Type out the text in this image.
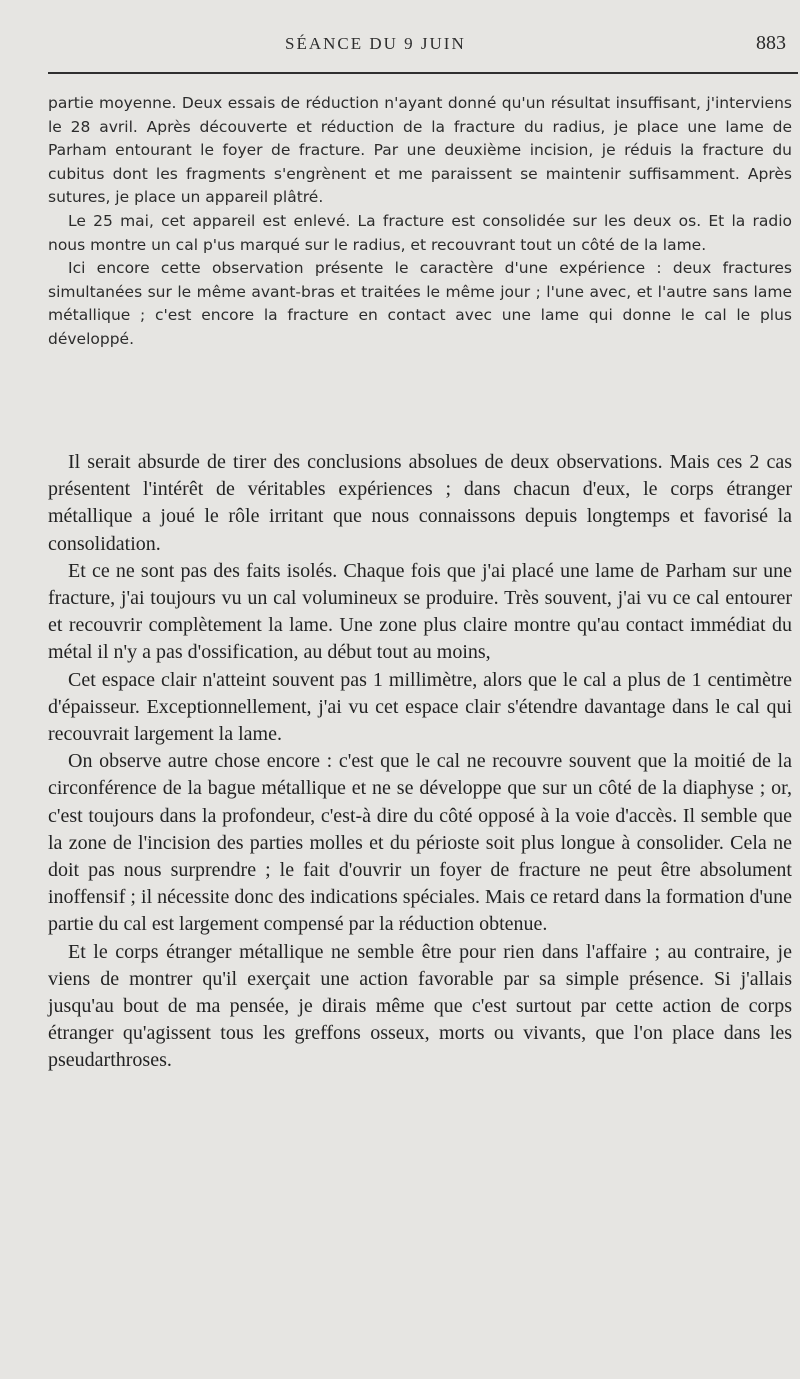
SÉANCE DU 9 JUIN	883

partie moyenne. Deux essais de réduction n'ayant donné qu'un résultat insuffisant, j'interviens le 28 avril. Après découverte et réduction de la fracture du radius, je place une lame de Parham entourant le foyer de fracture. Par une deuxième incision, je réduis la fracture du cubitus dont les fragments s'engrènent et me paraissent se maintenir suffisamment. Après sutures, je place un appareil plâtré.

Le 25 mai, cet appareil est enlevé. La fracture est consolidée sur les deux os. Et la radio nous montre un cal p'us marqué sur le radius, et recouvrant tout un côté de la lame.

Ici encore cette observation présente le caractère d'une expérience : deux fractures simultanées sur le même avant-bras et traitées le même jour ; l'une avec, et l'autre sans lame métallique ; c'est encore la fracture en contact avec une lame qui donne le cal le plus développé.

Il serait absurde de tirer des conclusions absolues de deux observations. Mais ces 2 cas présentent l'intérêt de véritables expériences ; dans chacun d'eux, le corps étranger métallique a joué le rôle irritant que nous connaissons depuis longtemps et favorisé la consolidation.

Et ce ne sont pas des faits isolés. Chaque fois que j'ai placé une lame de Parham sur une fracture, j'ai toujours vu un cal volumineux se produire. Très souvent, j'ai vu ce cal entourer et recouvrir complètement la lame. Une zone plus claire montre qu'au contact immédiat du métal il n'y a pas d'ossification, au début tout au moins,

Cet espace clair n'atteint souvent pas 1 millimètre, alors que le cal a plus de 1 centimètre d'épaisseur. Exceptionnellement, j'ai vu cet espace clair s'étendre davantage dans le cal qui recouvrait largement la lame.

On observe autre chose encore : c'est que le cal ne recouvre souvent que la moitié de la circonférence de la bague métallique et ne se développe que sur un côté de la diaphyse ; or, c'est toujours dans la profondeur, c'est-à dire du côté opposé à la voie d'accès. Il semble que la zone de l'incision des parties molles et du périoste soit plus longue à consolider. Cela ne doit pas nous surprendre ; le fait d'ouvrir un foyer de fracture ne peut être absolument inoffensif ; il nécessite donc des indications spéciales. Mais ce retard dans la formation d'une partie du cal est largement compensé par la réduction obtenue.

Et le corps étranger métallique ne semble être pour rien dans l'affaire ; au contraire, je viens de montrer qu'il exerçait une action favorable par sa simple présence. Si j'allais jusqu'au bout de ma pensée, je dirais même que c'est surtout par cette action de corps étranger qu'agissent tous les greffons osseux, morts ou vivants, que l'on place dans les pseudarthroses.
